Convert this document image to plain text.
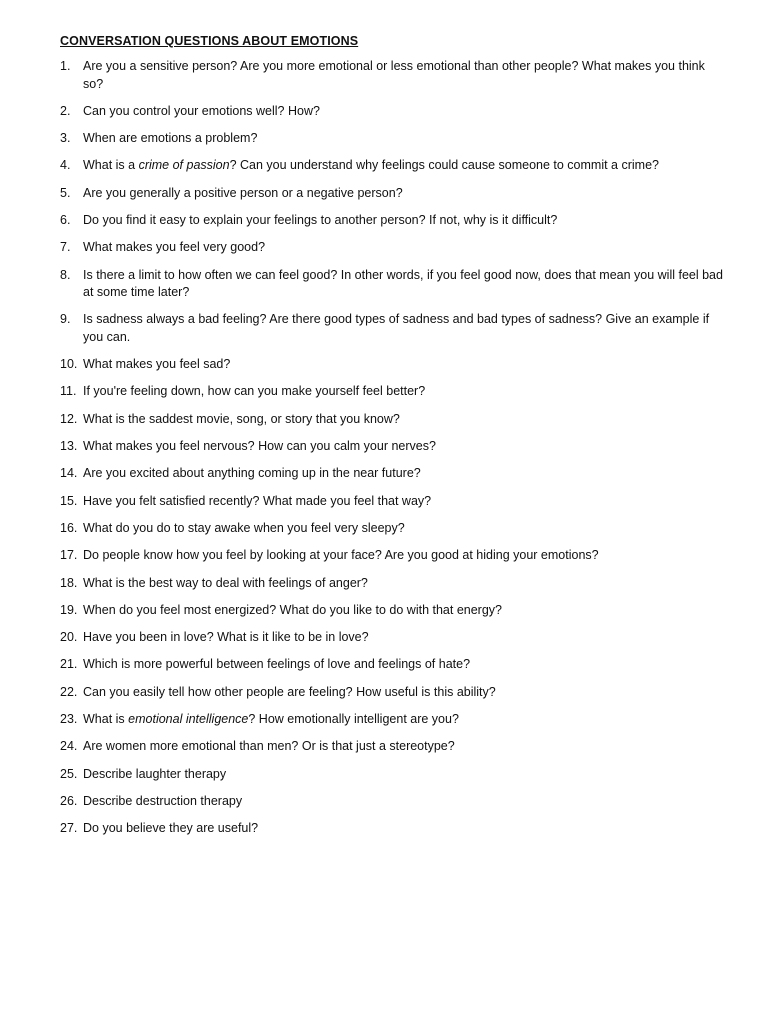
CONVERSATION QUESTIONS ABOUT EMOTIONS
1.	Are you a sensitive person? Are you more emotional or less emotional than other people? What makes you think so?
2.	Can you control your emotions well? How?
3.	When are emotions a problem?
4.	What is a crime of passion? Can you understand why feelings could cause someone to commit a crime?
5.	Are you generally a positive person or a negative person?
6.	Do you find it easy to explain your feelings to another person? If not, why is it difficult?
7.	What makes you feel very good?
8.	Is there a limit to how often we can feel good? In other words, if you feel good now, does that mean you will feel bad at some time later?
9.	Is sadness always a bad feeling? Are there good types of sadness and bad types of sadness? Give an example if you can.
10. What makes you feel sad?
11. If you're feeling down, how can you make yourself feel better?
12. What is the saddest movie, song, or story that you know?
13. What makes you feel nervous? How can you calm your nerves?
14. Are you excited about anything coming up in the near future?
15. Have you felt satisfied recently? What made you feel that way?
16. What do you do to stay awake when you feel very sleepy?
17. Do people know how you feel by looking at your face? Are you good at hiding your emotions?
18. What is the best way to deal with feelings of anger?
19. When do you feel most energized? What do you like to do with that energy?
20. Have you been in love? What is it like to be in love?
21. Which is more powerful between feelings of love and feelings of hate?
22. Can you easily tell how other people are feeling? How useful is this ability?
23. What is emotional intelligence? How emotionally intelligent are you?
24. Are women more emotional than men? Or is that just a stereotype?
25. Describe laughter therapy
26. Describe destruction therapy
27. Do you believe they are useful?
